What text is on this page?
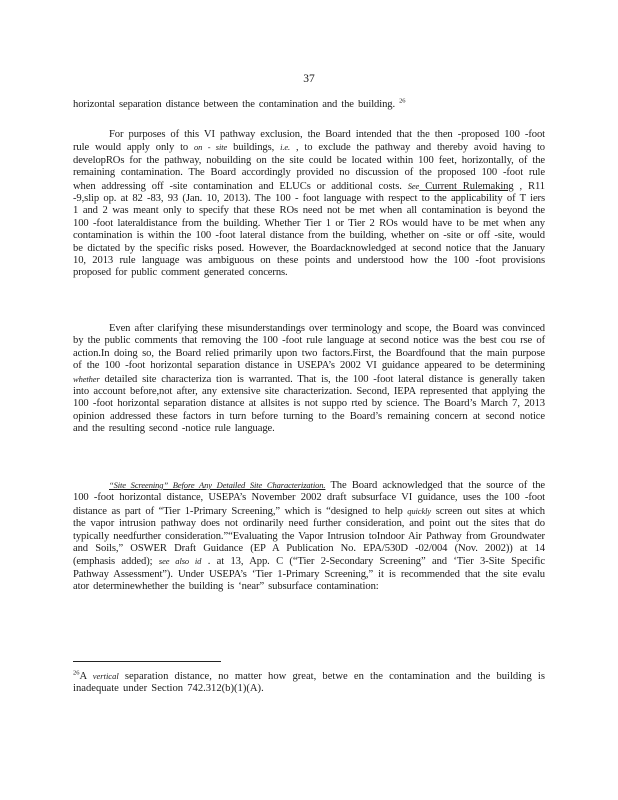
37

horizontal separation distance between the contamination and the building. $^{26}$

For purposes of this VI pathway exclusion, the Board intended that the then -proposed 100 -foot rule would apply only to on - site buildings, i.e. , to exclude the pathway and thereby avoid having to developROs for the pathway, nobuilding on the site could be located within 100 feet, horizontally, of the remaining contamination. The Board accordingly provided no discussion of the proposed 100 -foot rule when addressing off -site contamination and ELUCs or additional costs. See Current Rulemaking , R11 -9,slip op. at 82 -83, 93 (Jan. 10, 2013). The 100 - foot language with respect to the applicability of T iers 1 and 2 was meant only to specify that these ROs need not be met when all contamination is beyond the 100 -foot lateraldistance from the building. Whether Tier 1 or Tier 2 ROs would have to be met when any contamination is within the 100 -foot lateral distance from the building, whether on -site or off -site, would be dictated by the specific risks posed. However, the Boardacknowledged at second notice that the January 10, 2013 rule language was ambiguous on these points and understood how the 100 -foot provisions proposed for public comment generated concerns.

Even after clarifying these misunderstandings over terminology and scope, the Board was convinced by the public comments that removing the 100 -foot rule language at second notice was the best cou rse of action.In doing so, the Board relied primarily upon two factors.First, the Boardfound that the main purpose of the 100 -foot horizontal separation distance in USEPA’s 2002 VI guidance appeared to be determining whether detailed site characteriza tion is warranted. That is, the 100 -foot lateral distance is generally taken into account before,not after, any extensive site characterization. Second, IEPA represented that applying the 100 -foot horizontal separation distance at allsites is not suppo rted by science. The Board’s March 7, 2013 opinion addressed these factors in turn before turning to the Board’s remaining concern at second notice and the resulting second -notice rule language.

“Site Screening” Before Any Detailed Site Characterization. The Board acknowledged that the source of the 100 -foot horizontal distance, USEPA’s November 2002 draft subsurface VI guidance, uses the 100 -foot distance as part of “Tier 1-Primary Screening,” which is “designed to help quickly screen out sites at which the vapor intrusion pathway does not ordinarily need further consideration, and point out the sites that do typically needfurther consideration.”“Evaluating the Vapor Intrusion toIndoor Air Pathway from Groundwater and Soils,” OSWER Draft Guidance (EP A Publication No. EPA/530D -02/004 (Nov. 2002)) at 14 (emphasis added); see also id . at 13, App. C (“Tier 2-Secondary Screening” and ‘Tier 3-Site Specific Pathway Assessment”). Under USEPA’s ‘Tier 1-Primary Screening,” it is recommended that the site evalu ator determinewhether the building is ‘near” subsurface contamination:

$^{26}$A vertical separation distance, no matter how great, betwe en the contamination and the building is inadequate under Section 742.312(b)(1)(A).
